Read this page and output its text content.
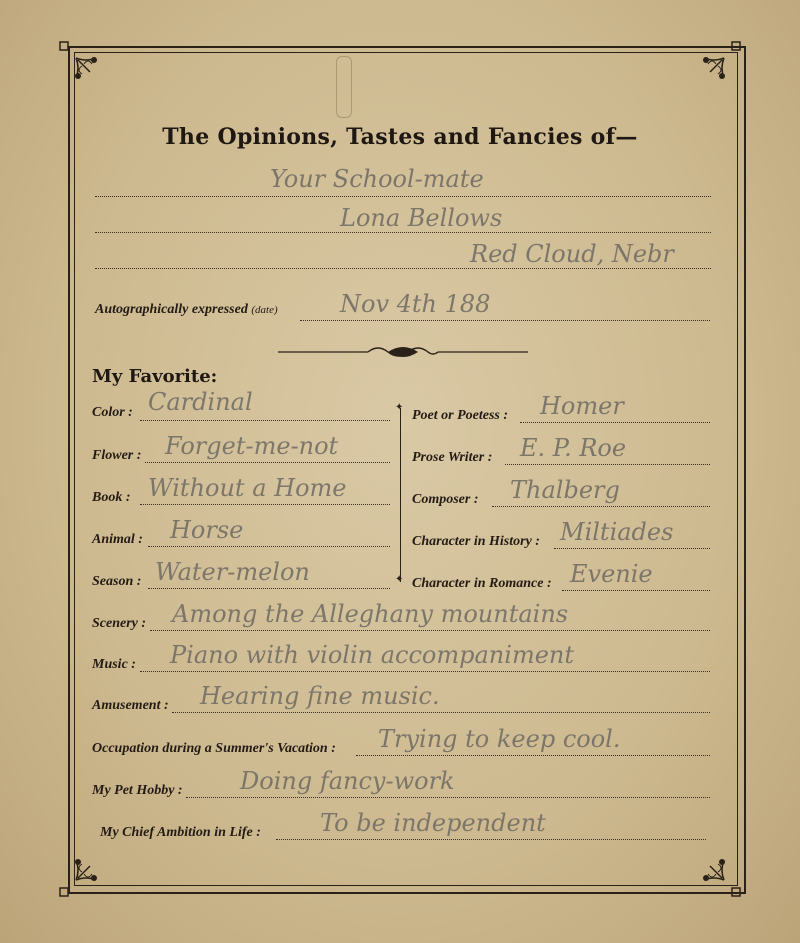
The Opinions, Tastes and Fancies of—
Your School-mate
Lona Bellows
Red Cloud, Nebr
Autographically expressed (date)	Nov 4th 188
My Favorite:
Color : Cardinal
Flower : Forget-me-not
Book : Without a Home
Animal : Horse
Season : Water-melon
✦
✦
Poet or Poetess : Homer
Prose Writer : E. P. Roe
Composer : Thalberg
Character in History : Miltiades
Character in Romance : Evenie
Scenery : Among the Alleghany mountains
Music : Piano with violin accompaniment
Amusement : Hearing fine music.
Occupation during a Summer's Vacation : Trying to keep cool.
My Pet Hobby : Doing fancy-work
My Chief Ambition in Life : To be independent
